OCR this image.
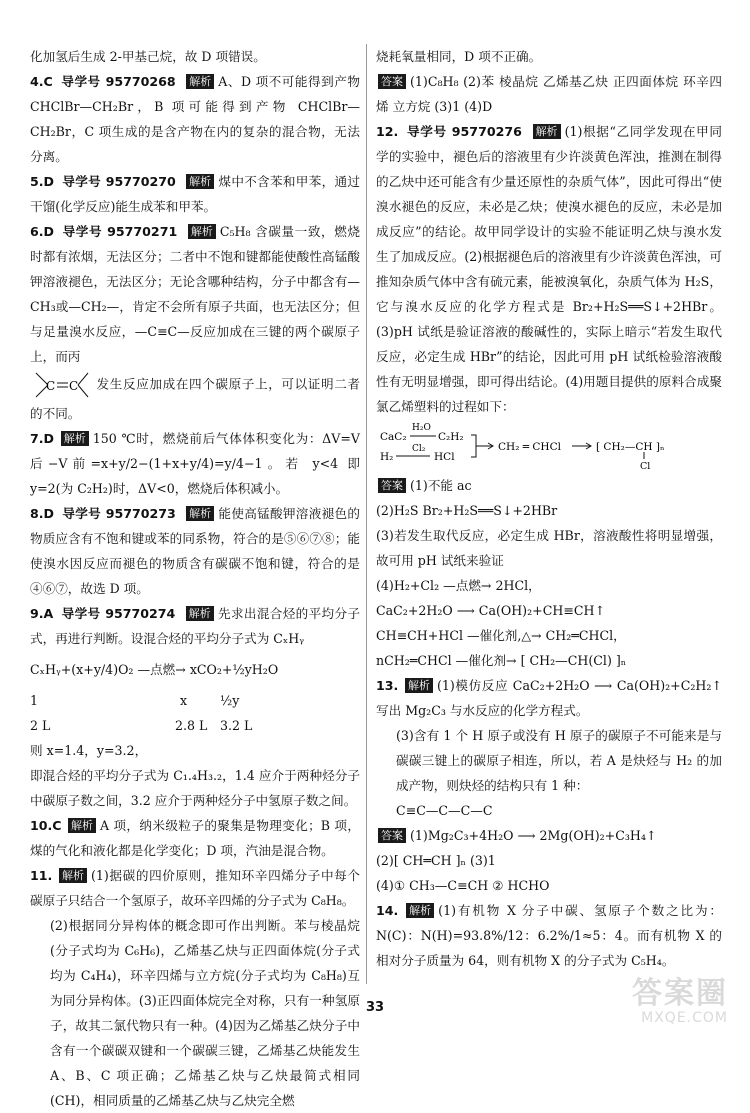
化加氢后生成 2-甲基己烷，故 D 项错误。

4.C 导学号 95770268 解析 A、D 项不可能得到产物 CHClBr—CH₂Br，B 项可能得到产物 CHClBr—CH₂Br，C 项生成的是含产物在内的复杂的混合物，无法分离。

5.D 导学号 95770270 解析 煤中不含苯和甲苯，通过干馏(化学反应)能生成苯和甲苯。

6.D 导学号 95770271 解析 C₅H₈ 含碳量一致，燃烧时都有浓烟，无法区分；二者中不饱和键都能使酸性高锰酸钾溶液褪色，无法区分；无论含哪种结构，分子中都含有—CH₃或—CH₂—，肯定不会所有原子共面，也无法区分；但与足量溴水反应，—C≡C—反应加成在三键的两个碳原子上，而丙

C C 发生反应加成在四个碳原子上，可以证明二者的不同。

7.D 解析 150 ℃时，燃烧前后气体体积变化为：ΔV=V后−V前=x+y/2−(1+x+y/4)=y/4−1。若 y<4 即 y=2(为 C₂H₂)时，ΔV<0，燃烧后体积减小。

8.D 导学号 95770273 解析 能使高锰酸钾溶液褪色的物质应含有不饱和键或苯的同系物，符合的是⑤⑥⑦⑧；能使溴水因反应而褪色的物质含有碳碳不饱和键，符合的是④⑥⑦，故选 D 项。

9.A 导学号 95770274 解析 先求出混合烃的平均分子式，再进行判断。设混合烃的平均分子式为 CₓHᵧ

CₓHᵧ+(x+y/4)O₂ —点燃→ xCO₂+½yH₂O

1	x	½y

2 L	2.8 L 3.2 L

则 x=1.4，y=3.2，

即混合烃的平均分子式为 C₁.₄H₃.₂，1.4 应介于两种烃分子中碳原子数之间，3.2 应介于两种烃分子中氢原子数之间。

10.C 解析 A 项，纳米级粒子的聚集是物理变化；B 项，煤的气化和液化都是化学变化；D 项，汽油是混合物。

11. 解析 (1)据碳的四价原则，推知环辛四烯分子中每个碳原子只结合一个氢原子，故环辛四烯的分子式为 C₈H₈。

(2)根据同分异构体的概念即可作出判断。苯与棱晶烷(分子式均为 C₆H₆)，乙烯基乙炔与正四面体烷(分子式均为 C₄H₄)，环辛四烯与立方烷(分子式均为 C₈H₈)互为同分异构体。(3)正四面体烷完全对称，只有一种氢原子，故其二氯代物只有一种。(4)因为乙烯基乙炔分子中含有一个碳碳双键和一个碳碳三键，乙烯基乙炔能发生 A、B、C 项正确；乙烯基乙炔与乙炔最简式相同(CH)，相同质量的乙烯基乙炔与乙炔完全燃

烧耗氧量相同，D 项不正确。

答案 (1)C₈H₈ (2)苯 棱晶烷 乙烯基乙炔 正四面体烷 环辛四烯 立方烷 (3)1 (4)D

12. 导学号 95770276 解析 (1)根据“乙同学发现在甲同学的实验中，褪色后的溶液里有少许淡黄色浑浊，推测在制得的乙炔中还可能含有少量还原性的杂质气体”，因此可得出“使溴水褪色的反应，未必是乙炔；使溴水褪色的反应，未必是加成反应”的结论。故甲同学设计的实验不能证明乙炔与溴水发生了加成反应。(2)根据褪色后的溶液里有少许淡黄色浑浊，可推知杂质气体中含有硫元素，能被溴氧化，杂质气体为 H₂S，它与溴水反应的化学方程式是 Br₂+H₂S══S↓+2HBr。(3)pH 试纸是验证溶液的酸碱性的，实际上暗示“若发生取代反应，必定生成 HBr”的结论，因此可用 pH 试纸检验溶液酸性有无明显增强，即可得出结论。(4)用题目提供的原料合成聚氯乙烯塑料的过程如下：

CaC₂
H₂O
C₂H₂
H₂
Cl₂
HCl
CH₂ ═ CHCl	[ CH₂—CH ]ₙ
Cl

答案 (1)不能 ac

(2)H₂S Br₂+H₂S══S↓+2HBr

(3)若发生取代反应，必定生成 HBr，溶液酸性将明显增强，故可用 pH 试纸来验证

(4)H₂+Cl₂ —点燃→ 2HCl，

CaC₂+2H₂O ⟶ Ca(OH)₂+CH≡CH↑

CH≡CH+HCl —催化剂,△→ CH₂═CHCl，

nCH₂═CHCl —催化剂→ [ CH₂—CH(Cl) ]ₙ

13. 解析 (1)模仿反应 CaC₂+2H₂O ⟶ Ca(OH)₂+C₂H₂↑ 写出 Mg₂C₃ 与水反应的化学方程式。

(3)含有 1 个 H 原子或没有 H 原子的碳原子不可能来是与碳碳三键上的碳原子相连，所以，若 A 是炔烃与 H₂ 的加成产物，则炔烃的结构只有 1 种：

C≡C—C—C—C

答案 (1)Mg₂C₃+4H₂O ⟶ 2Mg(OH)₂+C₃H₄↑

(2)[ CH═CH ]ₙ (3)1

(4)① CH₃—C≡CH ② HCHO

14. 解析 (1)有机物 X 分子中碳、氢原子个数之比为：N(C)：N(H)=93.8%/12：6.2%/1≈5：4。而有机物 X 的相对分子质量为 64，则有机物 X 的分子式为 C₅H₄。

33	答案圈
MXQE.COM
